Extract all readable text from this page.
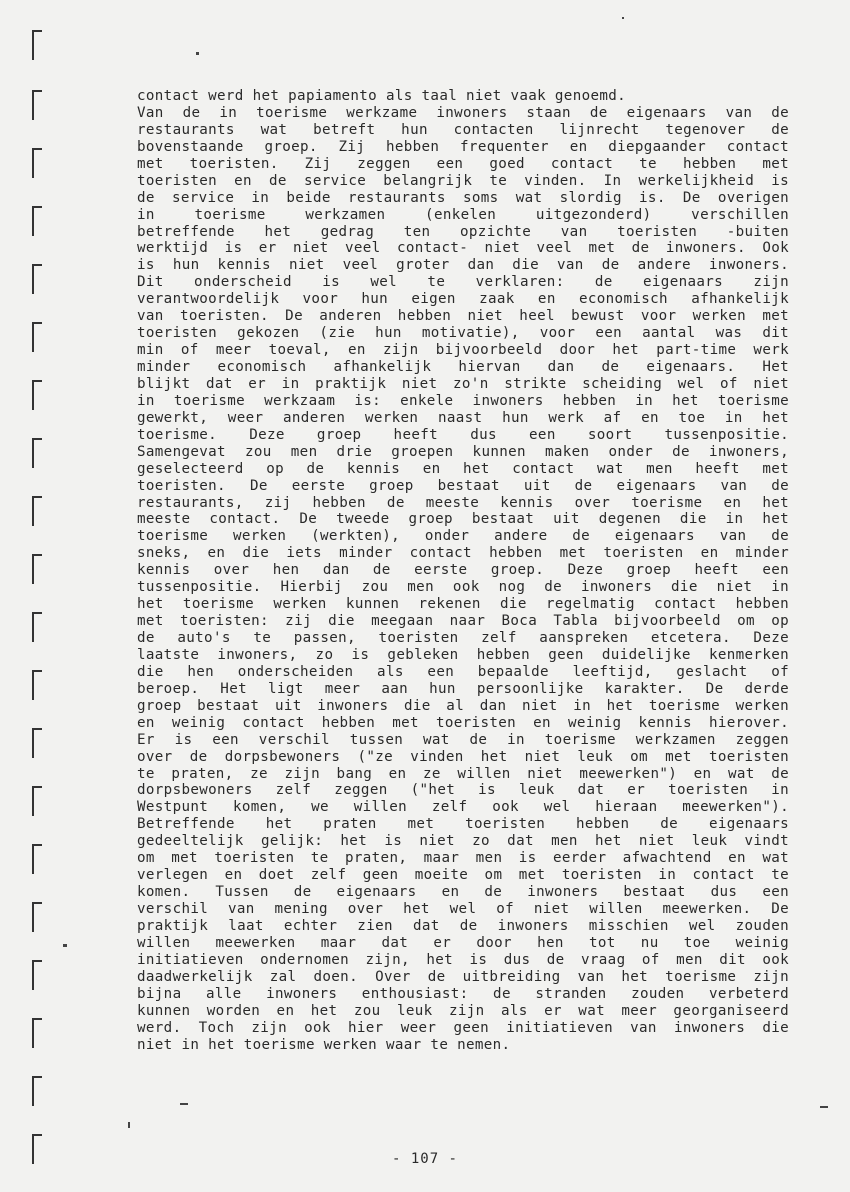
contact werd het papiamento als taal niet vaak genoemd.
Van de in toerisme werkzame inwoners staan de eigenaars van de
restaurants wat betreft hun contacten lijnrecht tegenover de
bovenstaande groep. Zij hebben frequenter en diepgaander contact
met toeristen. Zij zeggen een goed contact te hebben met
toeristen en de service belangrijk te vinden. In werkelijkheid is
de service in beide restaurants soms wat slordig is. De overigen
in toerisme werkzamen (enkelen uitgezonderd) verschillen
betreffende het gedrag ten opzichte van toeristen -buiten
werktijd is er niet veel contact- niet veel met de inwoners. Ook
is hun kennis niet veel groter dan die van de andere inwoners.
Dit onderscheid is wel te verklaren: de eigenaars zijn
verantwoordelijk voor hun eigen zaak en economisch afhankelijk
van toeristen. De anderen hebben niet heel bewust voor werken met
toeristen gekozen (zie hun motivatie), voor een aantal was dit
min of meer toeval, en zijn bijvoorbeeld door het part-time werk
minder economisch afhankelijk hiervan dan de eigenaars. Het
blijkt dat er in praktijk niet zo'n strikte scheiding wel of niet
in toerisme werkzaam is: enkele inwoners hebben in het toerisme
gewerkt, weer anderen werken naast hun werk af en toe in het
toerisme. Deze groep heeft dus een soort tussenpositie.
Samengevat zou men drie groepen kunnen maken onder de inwoners,
geselecteerd op de kennis en het contact wat men heeft met
toeristen. De eerste groep bestaat uit de eigenaars van de
restaurants, zij hebben de meeste kennis over toerisme en het
meeste contact. De tweede groep bestaat uit degenen die in het
toerisme werken (werkten), onder andere de eigenaars van de
sneks, en die iets minder contact hebben met toeristen en minder
kennis over hen dan de eerste groep. Deze groep heeft een
tussenpositie. Hierbij zou men ook nog de inwoners die niet in
het toerisme werken kunnen rekenen die regelmatig contact hebben
met toeristen: zij die meegaan naar Boca Tabla bijvoorbeeld om op
de auto's te passen, toeristen zelf aanspreken etcetera. Deze
laatste inwoners, zo is gebleken hebben geen duidelijke kenmerken
die hen onderscheiden als een bepaalde leeftijd, geslacht of
beroep. Het ligt meer aan hun persoonlijke karakter. De derde
groep bestaat uit inwoners die al dan niet in het toerisme werken
en weinig contact hebben met toeristen en weinig kennis hierover.
Er is een verschil tussen wat de in toerisme werkzamen zeggen
over de dorpsbewoners ("ze vinden het niet leuk om met toeristen
te praten, ze zijn bang en ze willen niet meewerken") en wat de
dorpsbewoners zelf zeggen ("het is leuk dat er toeristen in
Westpunt komen, we willen zelf ook wel hieraan meewerken").
Betreffende het praten met toeristen hebben de eigenaars
gedeeltelijk gelijk: het is niet zo dat men het niet leuk vindt
om met toeristen te praten, maar men is eerder afwachtend en wat
verlegen en doet zelf geen moeite om met toeristen in contact te
komen. Tussen de eigenaars en de inwoners bestaat dus een
verschil van mening over het wel of niet willen meewerken. De
praktijk laat echter zien dat de inwoners misschien wel zouden
willen meewerken maar dat er door hen tot nu toe weinig
initiatieven ondernomen zijn, het is dus de vraag of men dit ook
daadwerkelijk zal doen. Over de uitbreiding van het toerisme zijn
bijna alle inwoners enthousiast: de stranden zouden verbeterd
kunnen worden en het zou leuk zijn als er wat meer georganiseerd
werd. Toch zijn ook hier weer geen initiatieven van inwoners die
niet in het toerisme werken waar te nemen.
- 107 -
